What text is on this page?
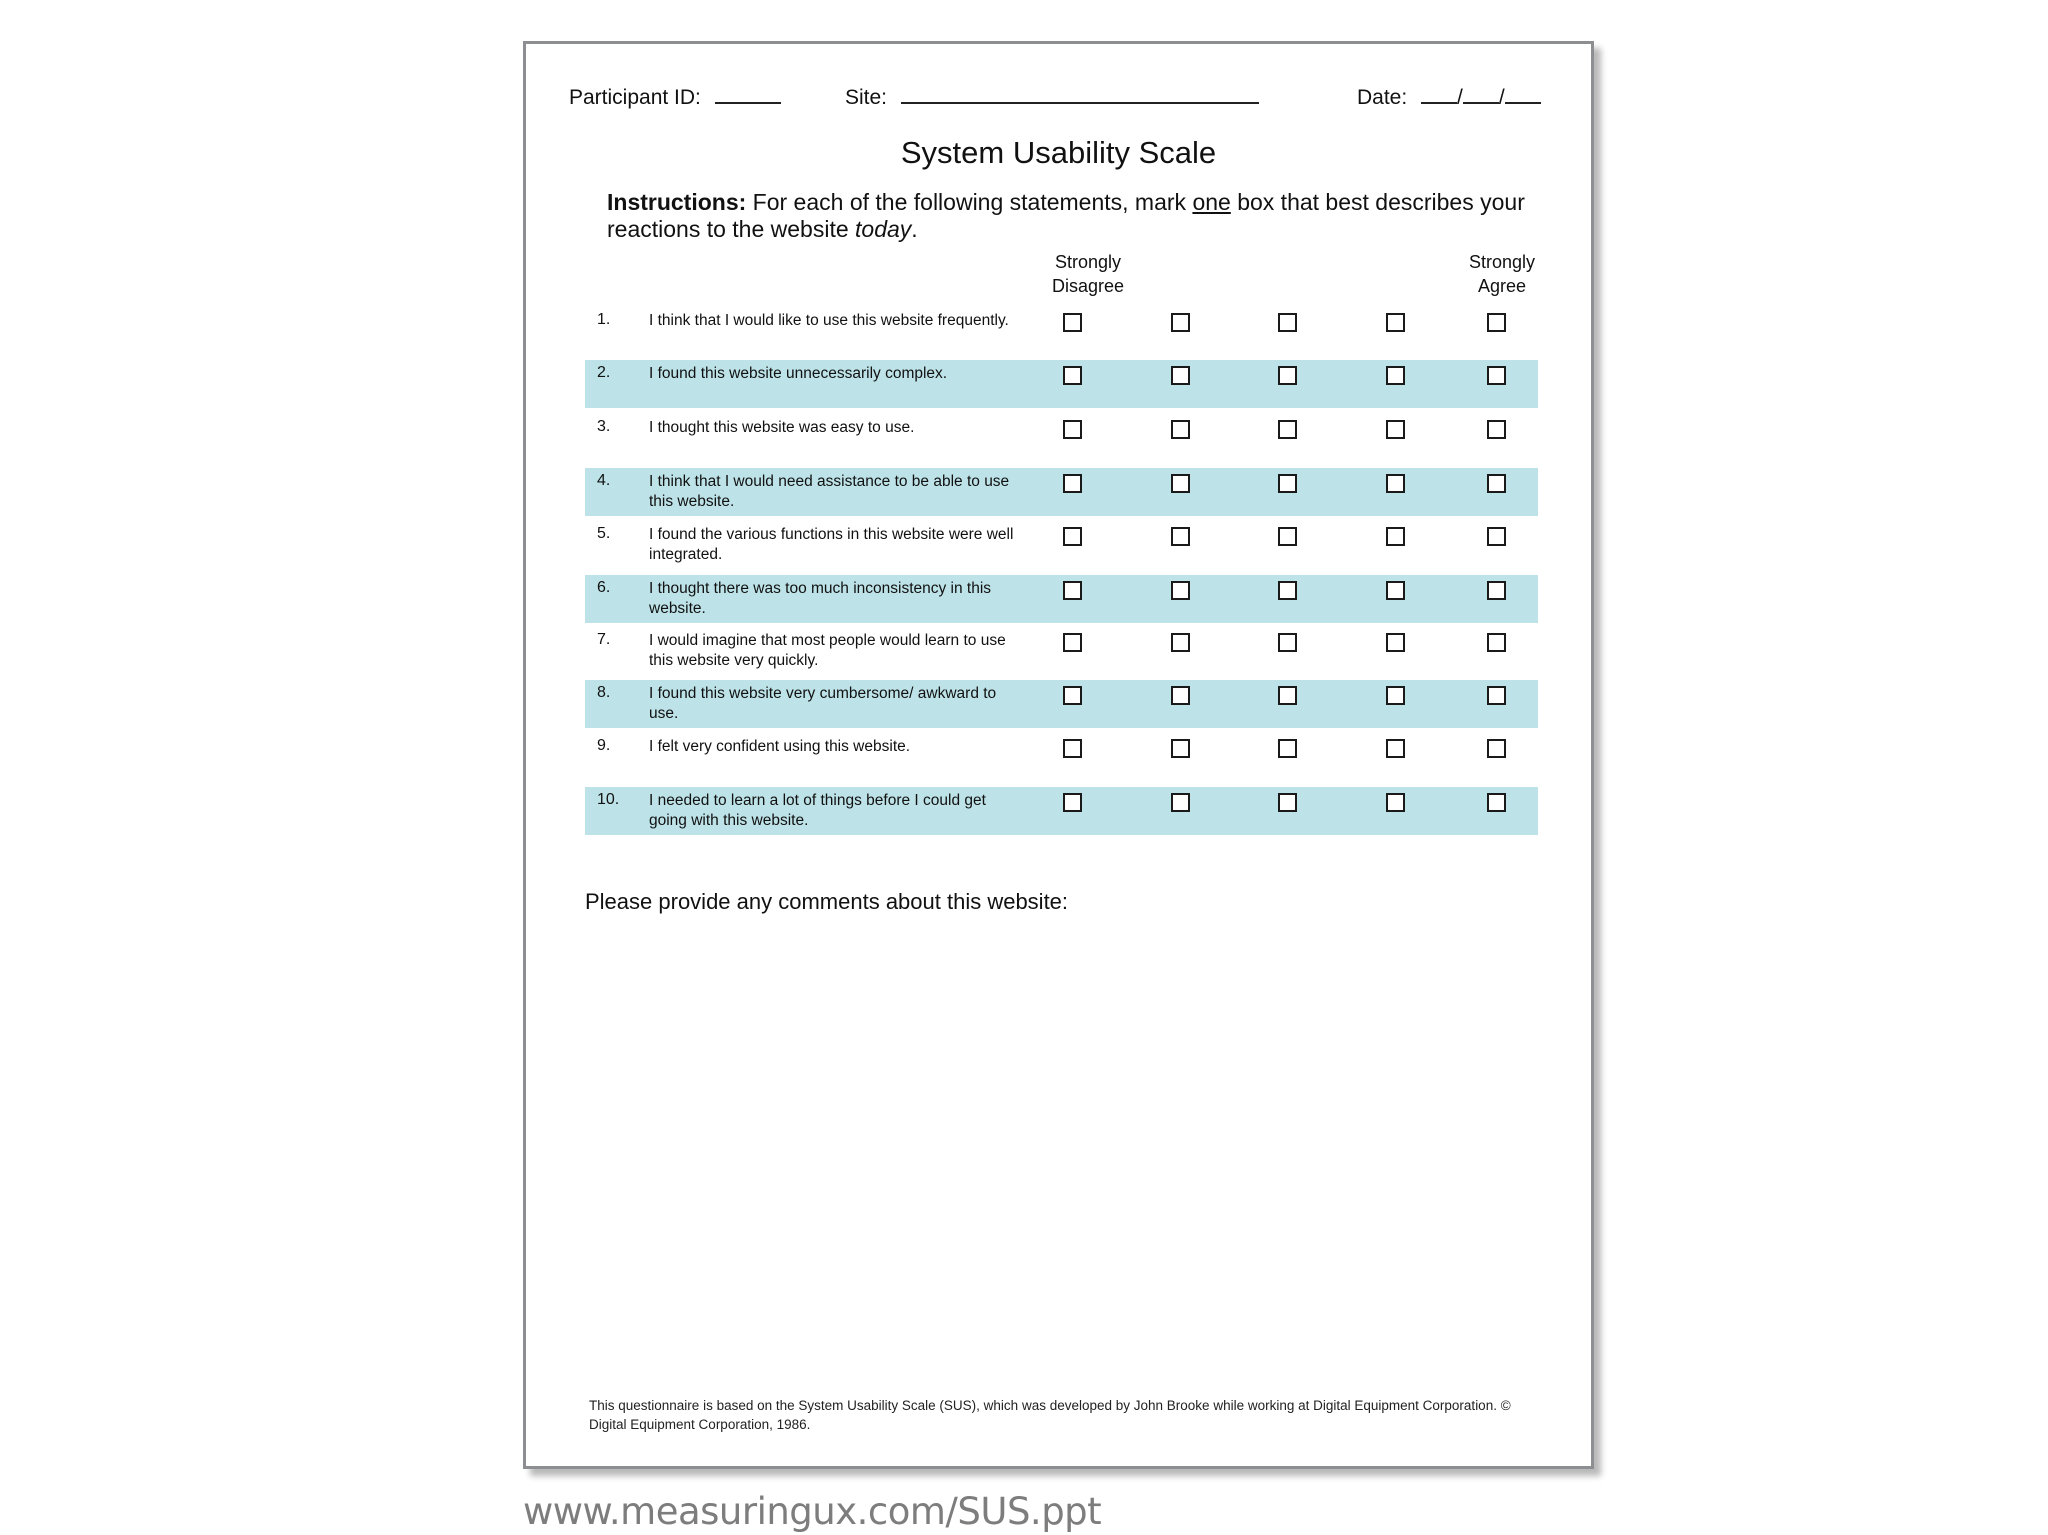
Participant ID:	Site:	Date: / /
System Usability Scale
Instructions: For each of the following statements, mark one box that best describes your reactions to the website today.
Strongly
Disagree
Strongly
Agree
1. I think that I would like to use this website frequently.
2. I found this website unnecessarily complex.
3. I thought this website was easy to use.
4. I think that I would need assistance to be able to use this website.
5. I found the various functions in this website were well integrated.
6. I thought there was too much inconsistency in this website.
7. I would imagine that most people would learn to use this website very quickly.
8. I found this website very cumbersome/ awkward to use.
9. I felt very confident using this website.
10. I needed to learn a lot of things before I could get going with this website.
Please provide any comments about this website:
This questionnaire is based on the System Usability Scale (SUS), which was developed by John Brooke while working at Digital Equipment Corporation. © Digital Equipment Corporation, 1986.
www.measuringux.com/SUS.ppt
